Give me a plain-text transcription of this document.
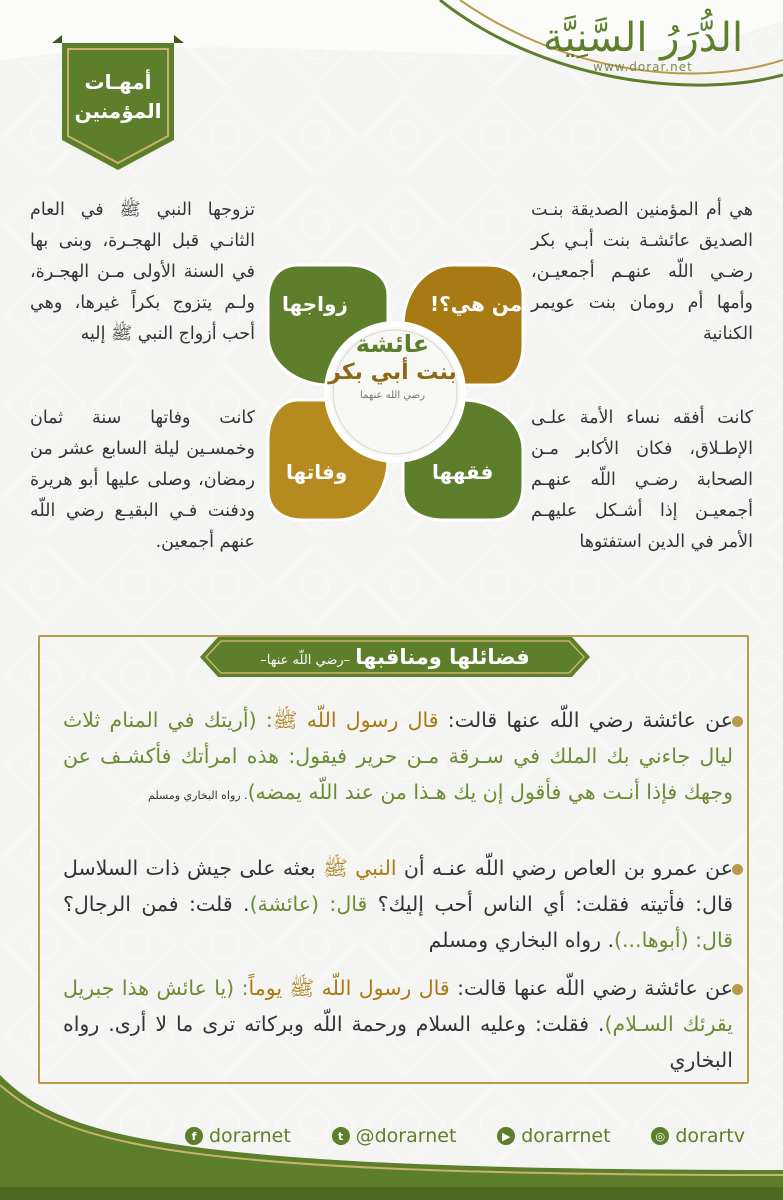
الدُّرَرُ السَّنِيَّة
www.dorar.net
أمهـات
المؤمنين
هي أم المؤمنين الصديقة بنـت الصديق عائشـة بنت أبـي بكر رضـي اللّه عنهـم أجمعيـن، وأمها أم رومان بنت عويمر الكنانية
كانت أفقه نساء الأمة علـى الإطـلاق، فكان الأكابر مـن الصحابة رضـي اللّه عنهـم أجمعيـن إذا أشـكل عليهـم الأمر في الدين استفتوها
تزوجها النبي ﷺ في العام الثانـي قبل الهجـرة، وبنى بها في السنة الأولى مـن الهجـرة، ولـم يتزوج بكراً غيرها، وهي أحب أزواج النبي ﷺ إليه
كانت وفاتها سنة ثمان وخمسـين ليلة السابع عشر من رمضان، وصلى عليها أبو هريرة ودفنت فـي البقيـع رضي اللّه عنهم أجمعين.
زواجها	من هي؟!
وفاتها	فقهها
عائشة
بنت أبي بكر
رضي الله عنهما
فضائلها ومناقبها –رضي اللّه عنها–
عن عائشة رضي اللّه عنها قالت: قال رسول اللّه ﷺ: (أريتك في المنام ثلاث ليال جاءني بك الملك في سـرقة مـن حرير فيقول: هذه امرأتك فأكشـف عن وجهك فإذا أنـت هي فأقول إن يك هـذا من عند اللّه يمضه). رواه البخاري ومسلم
عن عمرو بن العاص رضي اللّه عنـه أن النبي ﷺ بعثه على جيش ذات السلاسل قال: فأتيته فقلت: أي الناس أحب إليك؟ قال: (عائشة). قلت: فمن الرجال؟ قال: (أبوها...). رواه البخاري ومسلم
عن عائشة رضي اللّه عنها قالت: قال رسول اللّه ﷺ يوماً: (يا عائش هذا جبريل يقرئك السـلام). فقلت: وعليه السلام ورحمة اللّه وبركاته ترى ما لا أرى. رواه البخاري
f dorarnet	t @dorarnet	▶ dorarrnet	◎ dorartv
